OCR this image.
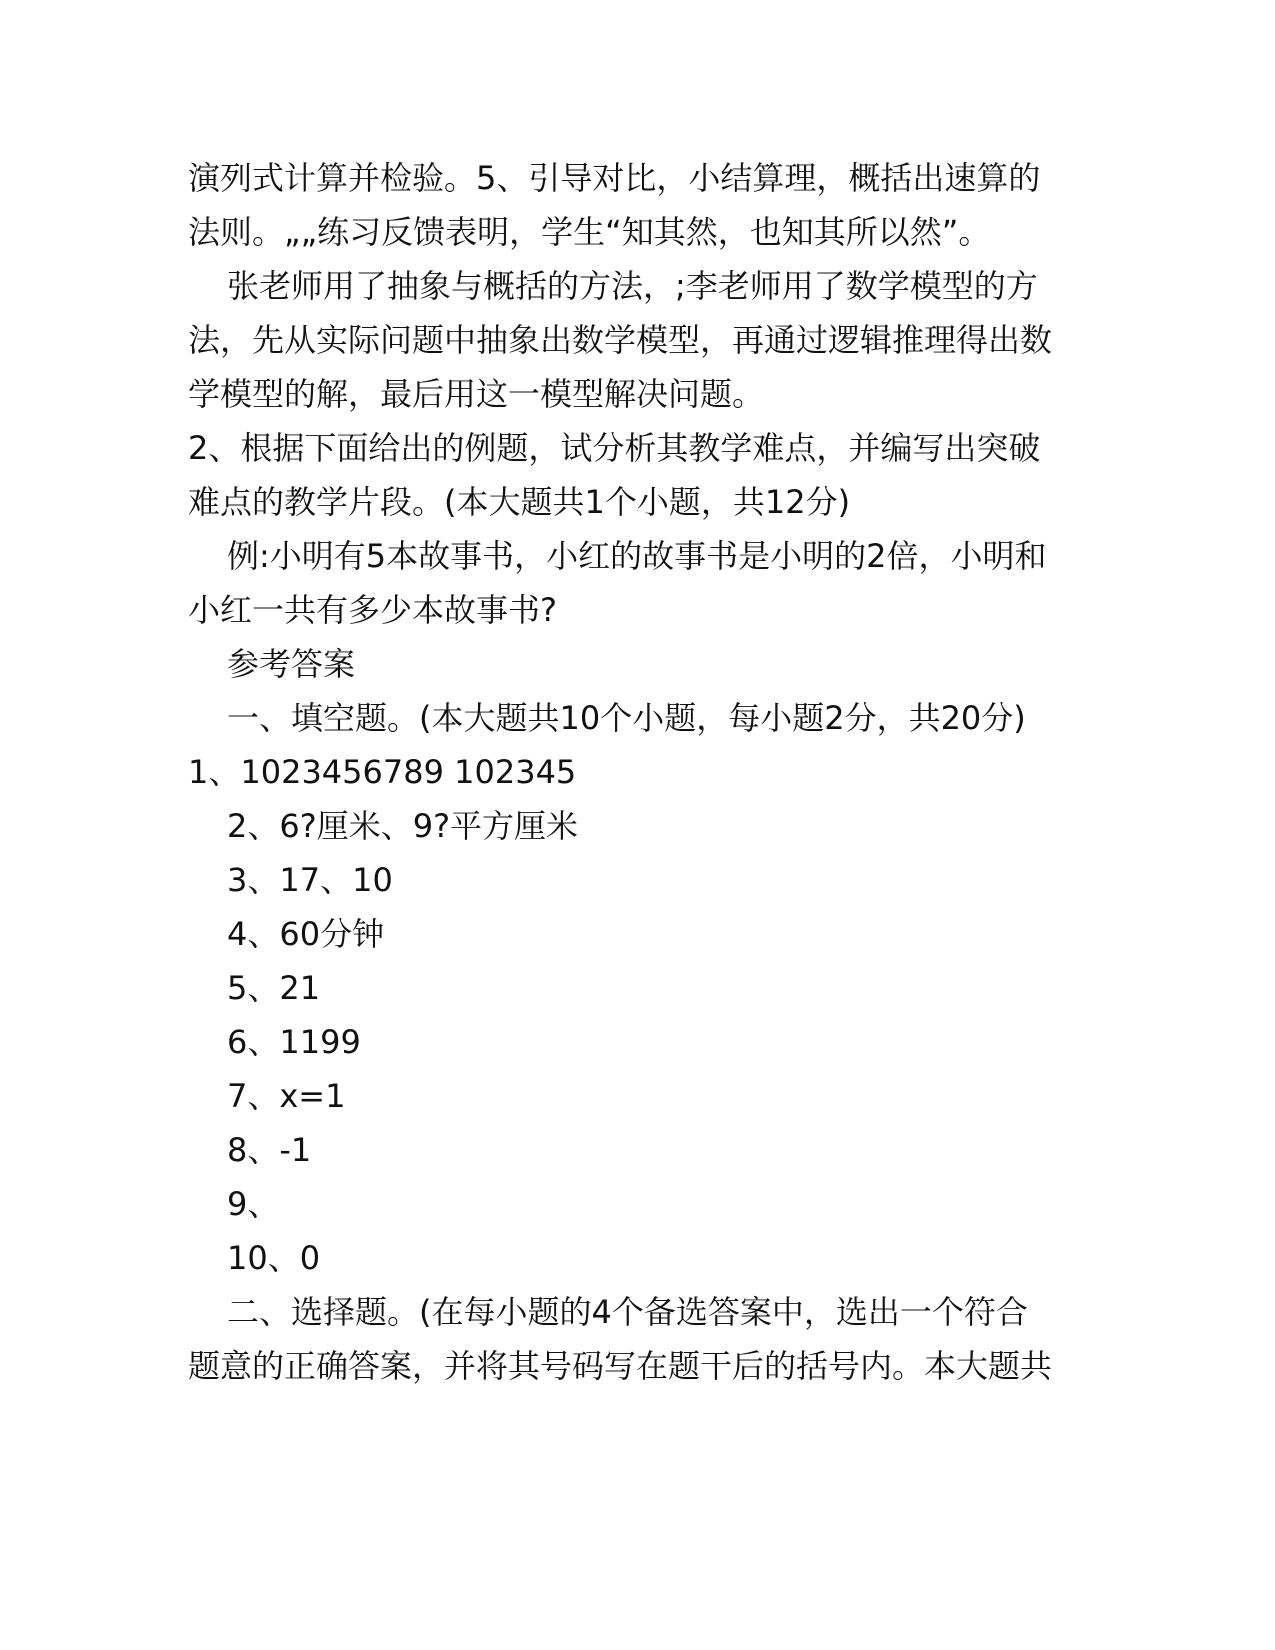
演列式计算并检验。5、引导对比，小结算理，概括出速算的
法则。„„练习反馈表明，学生“知其然，也知其所以然”。
张老师用了抽象与概括的方法，;李老师用了数学模型的方
法，先从实际问题中抽象出数学模型，再通过逻辑推理得出数
学模型的解，最后用这一模型解决问题。
2、根据下面给出的例题，试分析其教学难点，并编写出突破
难点的教学片段。(本大题共1个小题，共12分)
例:小明有5本故事书，小红的故事书是小明的2倍，小明和
小红一共有多少本故事书?
参考答案
一、填空题。(本大题共10个小题，每小题2分，共20分)
1、1023456789 102345
2、6?厘米、9?平方厘米
3、17、10
4、60分钟
5、21
6、1199
7、x=1
8、-1
9、
10、0
二、选择题。(在每小题的4个备选答案中，选出一个符合
题意的正确答案，并将其号码写在题干后的括号内。本大题共
